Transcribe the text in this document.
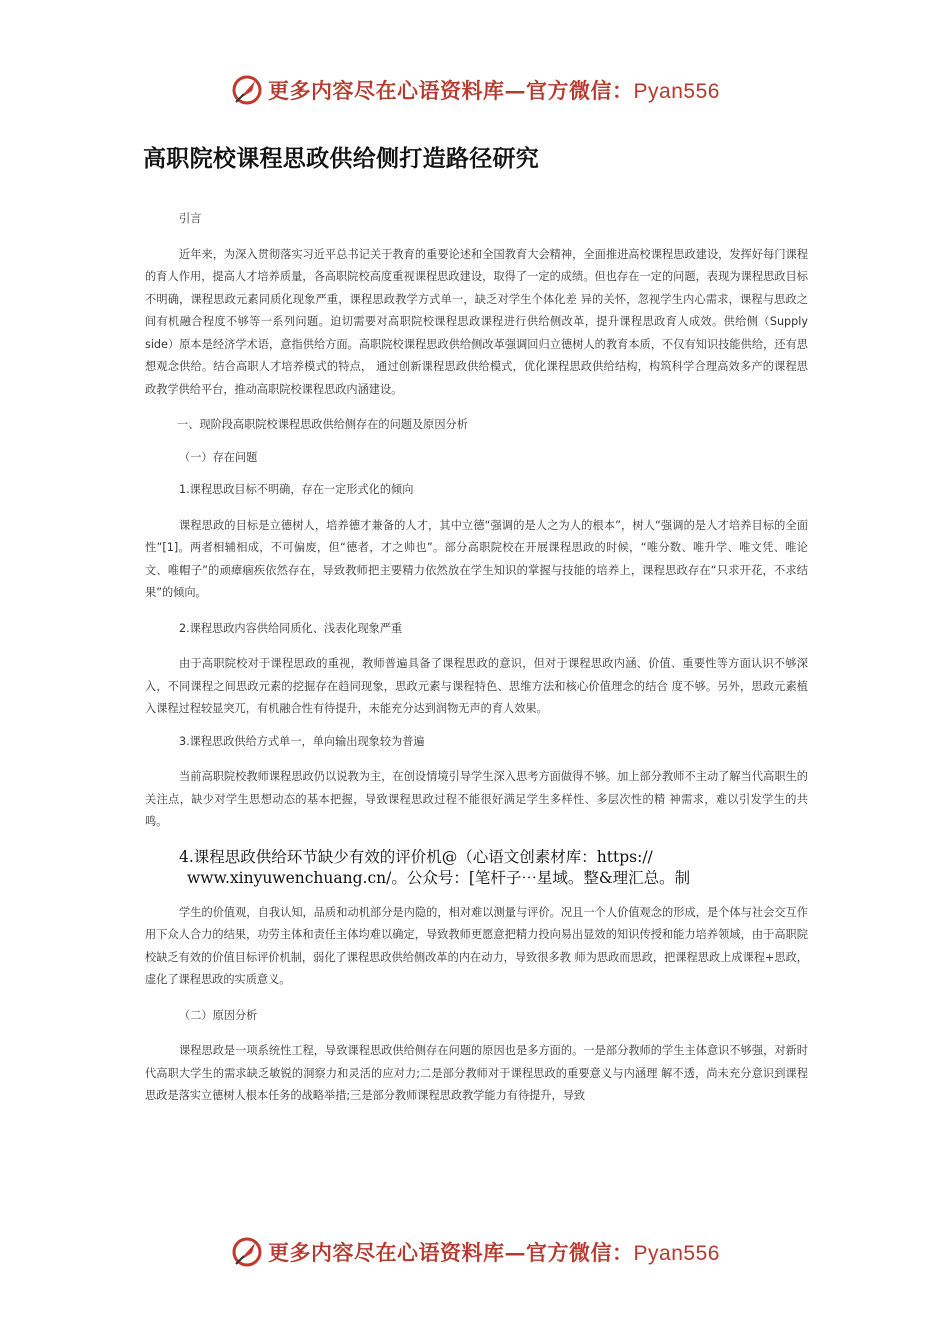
更多内容尽在心语资料库—官方微信：Pyan556
高职院校课程思政供给侧打造路径研究

引言

近年来，为深入贯彻落实习近平总书记关于教育的重要论述和全国教育大会精神，全面推进高校课程思政建设，发挥好每门课程的育人作用，提高人才培养质量，各高职院校高度重视课程思政建设，取得了一定的成绩。但也存在一定的问题，表现为课程思政目标不明确，课程思政元素同质化现象严重，课程思政教学方式单一，缺乏对学生个体化差 异的关怀，忽视学生内心需求，课程与思政之间有机融合程度不够等一系列问题。迫切需要对高职院校课程思政课程进行供给侧改革，提升课程思政育人成效。供给侧（Supply side）原本是经济学术语，意指供给方面。高职院校课程思政供给侧改革强调回归立德树人的教育本质，不仅有知识技能供给，还有思想观念供给。结合高职人才培养模式的特点， 通过创新课程思政供给模式，优化课程思政供给结构，构筑科学合理高效多产的课程思政教学供给平台，推动高职院校课程思政内涵建设。

一、现阶段高职院校课程思政供给侧存在的问题及原因分析

（一）存在问题

1.课程思政目标不明确，存在一定形式化的倾向

课程思政的目标是立德树人，培养德才兼备的人才，其中立德“强调的是人之为人的根本”，树人“强调的是人才培养目标的全面性”[1]。两者相辅相成，不可偏废，但“德者，才之帅也”。部分高职院校在开展课程思政的时候，“唯分数、唯升学、唯文凭、唯论文、唯帽子”的顽瘴痼疾依然存在，导致教师把主要精力依然放在学生知识的掌握与技能的培养上，课程思政存在“只求开花，不求结果”的倾向。

2.课程思政内容供给同质化、浅表化现象严重

由于高职院校对于课程思政的重视，教师普遍具备了课程思政的意识，但对于课程思政内涵、价值、重要性等方面认识不够深入，不同课程之间思政元素的挖掘存在趋同现象，思政元素与课程特色、思维方法和核心价值理念的结合 度不够。另外，思政元素植入课程过程较显突兀，有机融合性有待提升，未能充分达到润物无声的育人效果。

3.课程思政供给方式单一，单向输出现象较为普遍

当前高职院校教师课程思政仍以说教为主，在创设情境引导学生深入思考方面做得不够。加上部分教师不主动了解当代高职生的关注点，缺少对学生思想动态的基本把握，导致课程思政过程不能很好满足学生多样性、多层次性的精 神需求，难以引发学生的共鸣。

4.课程思政供给环节缺少有效的评价机@（心语文创素材库：https://
www.xinyuwenchuang.cn/。公众号：[笔杆子⋯星域。整&理汇总。制

学生的价值观，自我认知，品质和动机部分是内隐的，相对难以测量与评价。况且一个人价值观念的形成，是个体与社会交互作用下众人合力的结果，功劳主体和责任主体均难以确定，导致教师更愿意把精力投向易出显效的知识传授和能力培养领域，由于高职院校缺乏有效的价值目标评价机制，弱化了课程思政供给侧改革的内在动力，导致很多教 师为思政而思政，把课程思政上成课程+思政，虚化了课程思政的实质意义。

（二）原因分析

课程思政是一项系统性工程，导致课程思政供给侧存在问题的原因也是多方面的。一是部分教师的学生主体意识不够强，对新时代高职大学生的需求缺乏敏锐的洞察力和灵活的应对力;二是部分教师对于课程思政的重要意义与内涵理 解不透，尚未充分意识到课程思政是落实立德树人根本任务的战略举措;三是部分教师课程思政教学能力有待提升，导致

更多内容尽在心语资料库—官方微信：Pyan556
